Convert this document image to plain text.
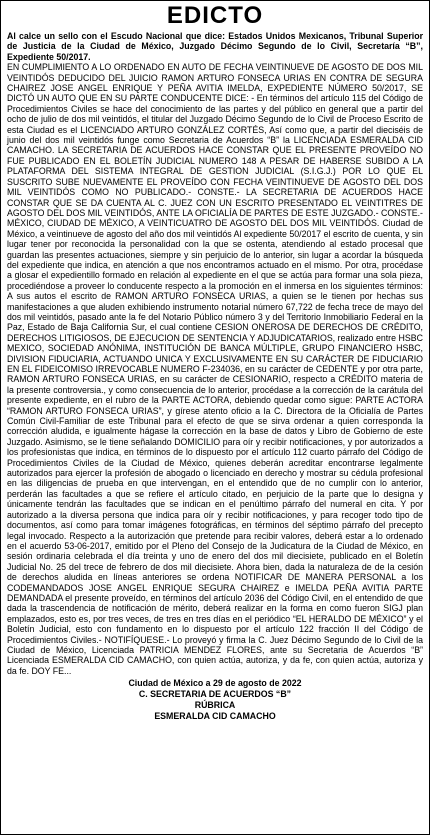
EDICTO

Al calce un sello con el Escudo Nacional que dice: Estados Unidos Mexicanos, Tribunal Superior de Justicia de la Ciudad de México, Juzgado Décimo Segundo de lo Civil, Secretaría “B”, Expediente 50/2017.

EN CUMPLIMIENTO A LO ORDENADO EN AUTO DE FECHA VEINTINUEVE DE AGOSTO DE DOS MIL VEINTIDÓS DEDUCIDO DEL JUICIO RAMON ARTURO FONSECA URIAS EN CONTRA DE SEGURA CHAIREZ JOSE ANGEL ENRIQUE Y PEÑA AVITIA IMELDA, EXPEDIENTE NÚMERO 50/2017, SE DICTÓ UN AUTO QUE EN SU PARTE CONDUCENTE DICE: - En términos del artículo 115 del Código de Procedimientos Civiles se hace del conocimiento de las partes y del público en general que a partir del ocho de julio de dos mil veintidós, el titular del Juzgado Décimo Segundo de lo Civil de Proceso Escrito de esta Ciudad es el LICENCIADO ARTURO GONZÁLEZ CORTÉS, Así como que, a partir del dieciséis de junio del dos mil veintidós funge como Secretaria de Acuerdos “B” la LICENCIADA ESMERALDA CID CAMACHO. LA SECRETARIA DE ACUERDOS HACE CONSTAR QUE EL PRESENTE PROVEÍDO NO FUE PUBLICADO EN EL BOLETÍN JUDICIAL NUMERO 148 A PESAR DE HABERSE SUBIDO A LA PLATAFORMA DEL SISTEMA INTEGRAL DE GESTION JUDICIAL (S.I.G.J.) POR LO QUE EL SUSCRITO SUBE NUEVAMENTE EL PROVEÍDO CON FECHA VEINTINUEVE DE AGOSTO DEL DOS MIL VEINTIDÓS COMO NO PUBLICADO.- CONSTE.- LA SECRETARIA DE ACUERDOS HACE CONSTAR QUE SE DA CUENTA AL C. JUEZ CON UN ESCRITO PRESENTADO EL VEINTITRES DE AGOSTO DEL DOS MIL VEINTIDÓS, ANTE LA OFICIALÍA DE PARTES DE ESTE JUZGADO.- CONSTE.- MÉXICO, CIUDAD DE MÉXICO, A VEINTICUATRO DE AGOSTO DEL DOS MIL VEINTIDÓS. Ciudad de México, a veintinueve de agosto del año dos mil veintidós Al expediente 50/2017 el escrito de cuenta, y sin lugar tener por reconocida la personalidad con la que se ostenta, atendiendo al estado procesal que guardan las presentes actuaciones, siempre y sin perjuicio de lo anterior, sin lugar a acordar la búsqueda del expediente que indica, en atención a que nos encontramos actuado en el mismo. Por otra, procédase a glosar el expedientillo formado en relación al expediente en el que se actúa para formar una sola pieza, procediéndose a proveer lo conducente respecto a la promoción en el inmersa en los siguientes términos: A sus autos el escrito de RAMON ARTURO FONSECA URIAS, a quien se le tienen por hechas sus manifestaciones a que aluden exhibiendo instrumento notarial número 67,722 de fecha trece de mayo del dos mil veintidós, pasado ante la fe del Notario Público número 3 y del Territorio Inmobiliario Federal en la Paz, Estado de Baja California Sur, el cual contiene CESION ONEROSA DE DERECHOS DE CRÉDITO, DERECHOS LITIGIOSOS, DE EJECUCION DE SENTENCIA Y ADJUDICATARIOS, realizado entre HSBC MEXICO, SOCIEDAD ANÓNIMA, INSTITUCIÓN DE BANCA MÚLTIPLE, GRUPO FINANCIERO HSBC, DIVISION FIDUCIARIA, ACTUANDO UNICA Y EXCLUSIVAMENTE EN SU CARÁCTER DE FIDUCIARIO EN EL FIDEICOMISO IRREVOCABLE NUMERO F-234036, en su carácter de CEDENTE y por otra parte, RAMON ARTURO FONSECA URIAS, en su carácter de CESIONARIO, respecto a CRÉDITO materia de la presente controversia., y como consecuencia de lo anterior, procédase a la corrección de la carátula del presente expediente, en el rubro de la PARTE ACTORA, debiendo quedar como sigue: PARTE ACTORA “RAMON ARTURO FONSECA URIAS”, y gírese atento oficio a la C. Directora de la Oficialía de Partes Común Civil-Familiar de este Tribunal para el efecto de que se sirva ordenar a quien corresponda la corrección aludida, e igualmente hágase la corrección en la base de datos y Libro de Gobierno de este Juzgado. Asimismo, se le tiene señalando DOMICILIO para oír y recibir notificaciones, y por autorizados a los profesionistas que indica, en términos de lo dispuesto por el artículo 112 cuarto párrafo del Código de Procedimientos Civiles de la Ciudad de México, quienes deberán acreditar encontrarse legalmente autorizados para ejercer la profesión de abogado o licenciado en derecho y mostrar su cédula profesional en las diligencias de prueba en que intervengan, en el entendido que de no cumplir con lo anterior, perderán las facultades a que se refiere el artículo citado, en perjuicio de la parte que lo designa y únicamente tendrán las facultades que se indican en el penúltimo párrafo del numeral en cita. Y por autorizado a la diversa persona que indica para oír y recibir notificaciones, y para recoger todo tipo de documentos, así como para tomar imágenes fotográficas, en términos del séptimo párrafo del precepto legal invocado. Respecto a la autorización que pretende para recibir valores, deberá estar a lo ordenado en el acuerdo 53-06-2017, emitido por el Pleno del Consejo de la Judicatura de la Ciudad de México, en sesión ordinaria celebrada el día treinta y uno de enero del dos mil diecisiete, publicado en el Boletín Judicial No. 25 del trece de febrero de dos mil diecisiete. Ahora bien, dada la naturaleza de de la cesión de derechos aludida en líneas anteriores se ordena NOTIFICAR DE MANERA PERSONAL a los CODEMANDADOS JOSE ANGEL ENRIQUE SEGURA CHAIREZ e IMELDA PEÑA AVITIA PARTE DEMANDADA el presente proveído, en términos del artículo 2036 del Código Civil, en el entendido de que dada la trascendencia de notificación de mérito, deberá realizar en la forma en como fueron SIGJ plan emplazados, esto es, por tres veces, de tres en tres días en el periódico “EL HERALDO DE MÉXICO” y el Boletín Judicial, esto con fundamento en lo dispuesto por el artículo 122 fracción II del Código de Procedimientos Civiles.- NOTIFÍQUESE.- Lo proveyó y firma la C. Juez Décimo Segundo de lo Civil de la Ciudad de México, Licenciada PATRICIA MENDEZ FLORES, ante su Secretaria de Acuerdos “B” Licenciada ESMERALDA CID CAMACHO, con quien actúa, autoriza, y da fe, con quien actúa, autoriza y da fe. DOY FE...

Ciudad de México a 29 de agosto de 2022

C. SECRETARIA DE ACUERDOS “B”

RÚBRICA

ESMERALDA CID CAMACHO
